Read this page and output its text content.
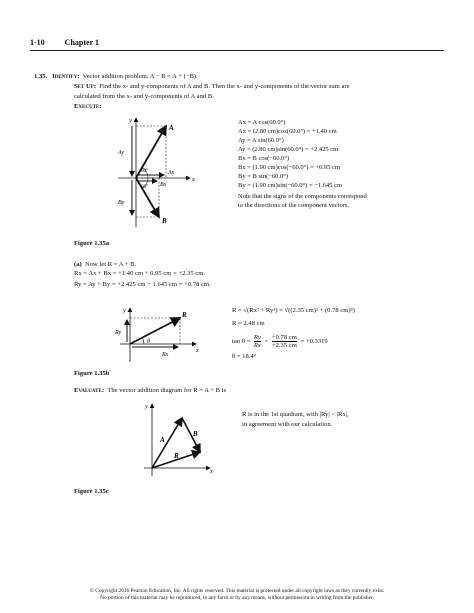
1-10	Chapter 1
1.35. Identify: Vector addition problem. A − B = A + (−B).
Set Up: Find the x- and y-components of A and B. Then the x- and y-components of the vector sum are
calculated from the x- and y-components of A and B.
Execute:
y
x
A
B
Ay
Ax
Bx
By
60°
60°
Ax = A cos(60.0°)
Ax = (2.80 cm)cos(60.0°) = +1.40 cm
Ay = A sin(60.0°)
Ay = (2.80 cm)sin(60.0°) = +2.425 cm
Bx = B cos(−60.0°)
Bx = (1.90 cm)cos(−60.0°) = +0.95 cm
By = B sin(−60.0°)
By = (1.90 cm)sin(−60.0°) = −1.645 cm
Note that the signs of the components correspond
to the directions of the component vectors.
Figure 1.35a
(a) Now let R = A + B.
Rx = Ax + Bx = +1.40 cm + 0.95 cm = +2.35 cm.
Ry = Ay + By = +2.425 cm − 1.645 cm = +0.78 cm.
y
x
R
Ry
Rx
θ
R = √(Rx² + Ry²) = √((2.35 cm)² + (0.78 cm)²)
R = 2.48 cm
$\tan \theta = \frac{Ry}{Rx} = \frac{+0.78 cm}{+2.35 cm} = +0.3319$
θ = 18.4°
Figure 1.35b
Evaluate: The vector addition diagram for R = A + B is
y
x
A
B
R
R is in the 1st quadrant, with |Ry| < |Rx|,
in agreement with our calculation.
Figure 1.35c
© Copyright 2016 Pearson Education, Inc. All rights reserved. This material is protected under all copyright laws as they currently exist.
No portion of this material may be reproduced, in any form or by any means, without permission in writing from the publisher.
